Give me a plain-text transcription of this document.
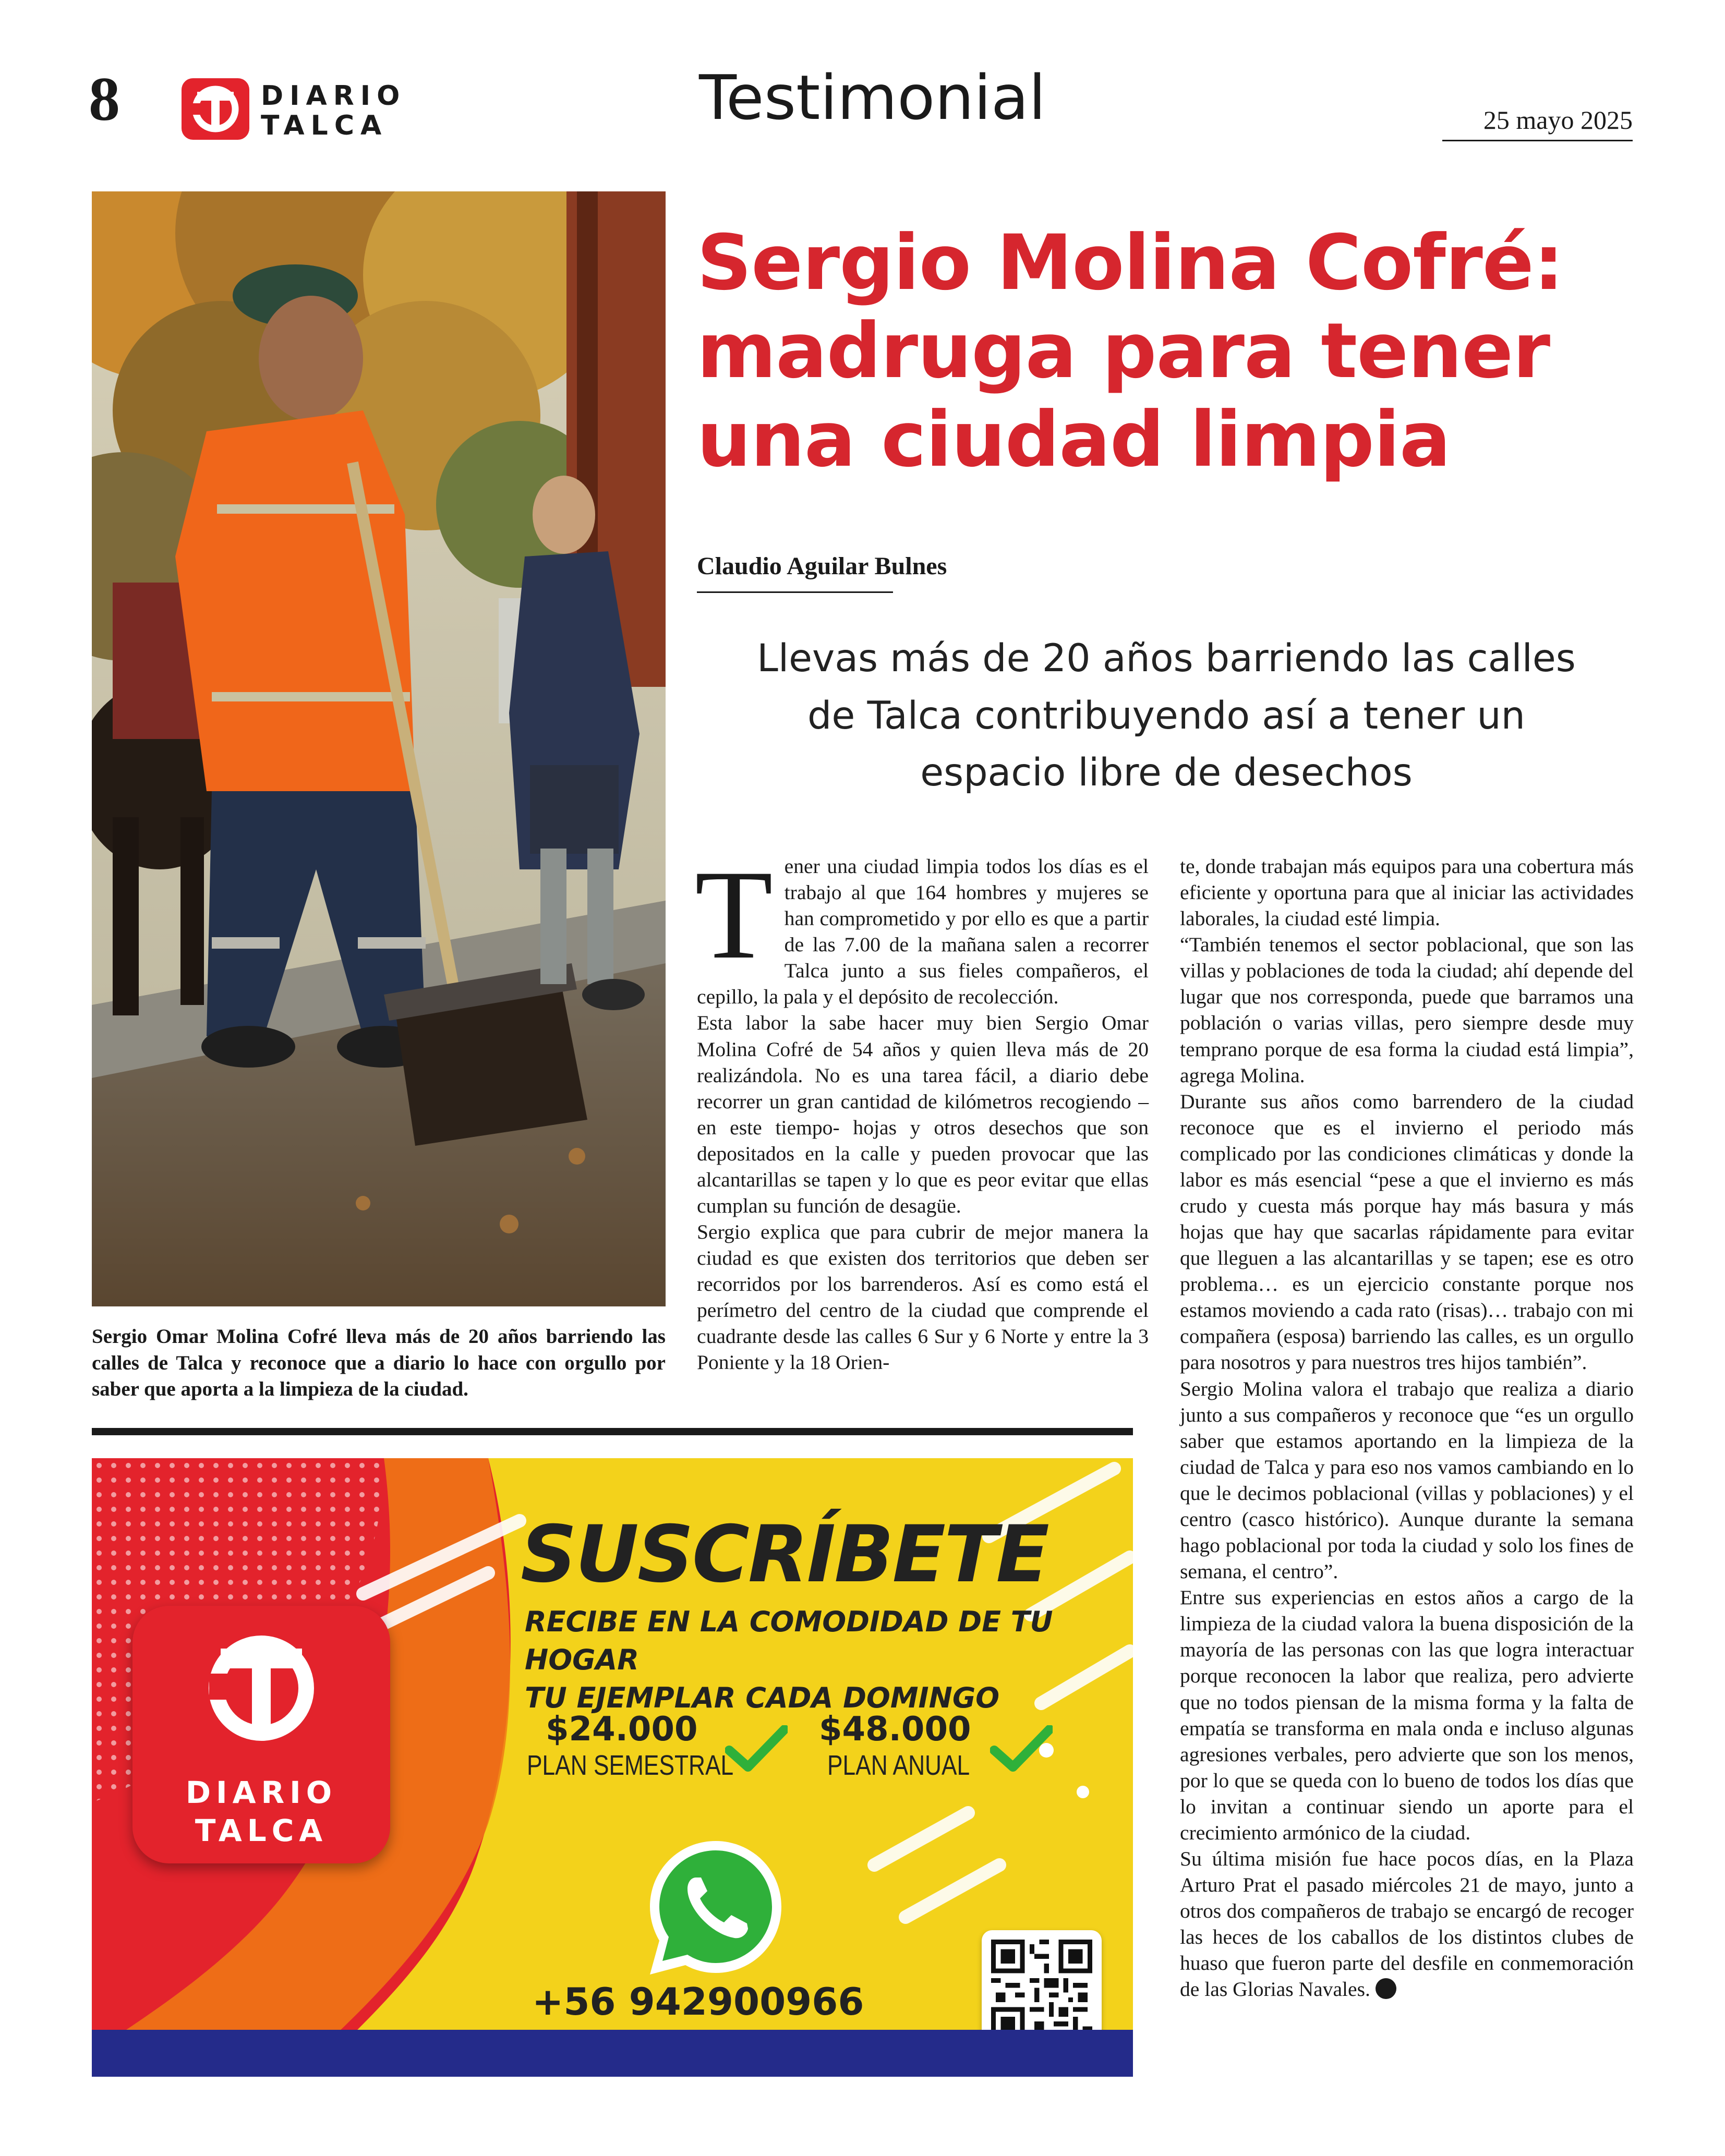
8	DIARIO
TALCA	Testimonial	25 mayo 2025
Sergio Omar Molina Cofré lleva más de 20 años barriendo las calles de Talca y reconoce que a diario lo hace con orgullo por saber que aporta a la limpieza de la ciudad.
Sergio Molina Cofré:
madruga para tener
una ciudad limpia
Claudio Aguilar Bulnes
Llevas más de 20 años barriendo las calles
de Talca contribuyendo así a tener un
espacio libre de desechos
T ener una ciudad limpia todos los días es el trabajo al que 164 hombres y mujeres se han comprometido y por ello es que a partir de las 7.00 de la mañana salen a recorrer Talca junto a sus fieles compañeros, el cepillo, la pala y el depósito de recolección.

Esta labor la sabe hacer muy bien Sergio Omar Molina Cofré de 54 años y quien lleva más de 20 realizándola. No es una tarea fácil, a diario debe recorrer un gran cantidad de kilómetros recogiendo –en este tiempo- hojas y otros desechos que son depositados en la calle y pueden provocar que las alcantarillas se tapen y lo que es peor evitar que ellas cumplan su función de desagüe.

Sergio explica que para cubrir de mejor manera la ciudad es que existen dos territorios que deben ser recorridos por los barrenderos. Así es como está el perímetro del centro de la ciudad que comprende el cuadrante desde las calles 6 Sur y 6 Norte y entre la 3 Poniente y la 18 Orien-

te, donde trabajan más equipos para una cobertura más eficiente y oportuna para que al iniciar las actividades laborales, la ciudad esté limpia.

“También tenemos el sector poblacional, que son las villas y poblaciones de toda la ciudad; ahí depende del lugar que nos corresponda, puede que barramos una población o varias villas, pero siempre desde muy temprano porque de esa forma la ciudad está limpia”, agrega Molina.

Durante sus años como barrendero de la ciudad reconoce que es el invierno el periodo más complicado por las condiciones climáticas y donde la labor es más esencial “pese a que el invierno es más crudo y cuesta más porque hay más basura y más hojas que hay que sacarlas rápidamente para evitar que lleguen a las alcantarillas y se tapen; ese es otro problema… es un ejercicio constante porque nos estamos moviendo a cada rato (risas)… trabajo con mi compañera (esposa) barriendo las calles, es un orgullo para nosotros y para nuestros tres hijos también”.

Sergio Molina valora el trabajo que realiza a diario junto a sus compañeros y reconoce que “es un orgullo saber que estamos aportando en la limpieza de la ciudad de Talca y para eso nos vamos cambiando en lo que le decimos poblacional (villas y poblaciones) y el centro (casco histórico). Aunque durante la semana hago poblacional por toda la ciudad y solo los fines de semana, el centro”.

Entre sus experiencias en estos años a cargo de la limpieza de la ciudad valora la buena disposición de la mayoría de las personas con las que logra interactuar porque reconocen la labor que realiza, pero advierte que no todos piensan de la misma forma y la falta de empatía se transforma en mala onda e incluso algunas agresiones verbales, pero advierte que son los menos, por lo que se queda con lo bueno de todos los días que lo invitan a continuar siendo un aporte para el crecimiento armónico de la ciudad.

Su última misión fue hace pocos días, en la Plaza Arturo Prat el pasado miércoles 21 de mayo, junto a otros dos compañeros de trabajo se encargó de recoger las heces de los caballos de los distintos clubes de huaso que fueron parte del desfile en conmemoración de las Glorias Navales.

DIARIO
TALCA
SUSCRÍBETE
RECIBE EN LA COMODIDAD DE TU HOGAR
TU EJEMPLAR CADA DOMINGO
$24.000
PLAN SEMESTRAL
$48.000
PLAN ANUAL
+56 942900966
